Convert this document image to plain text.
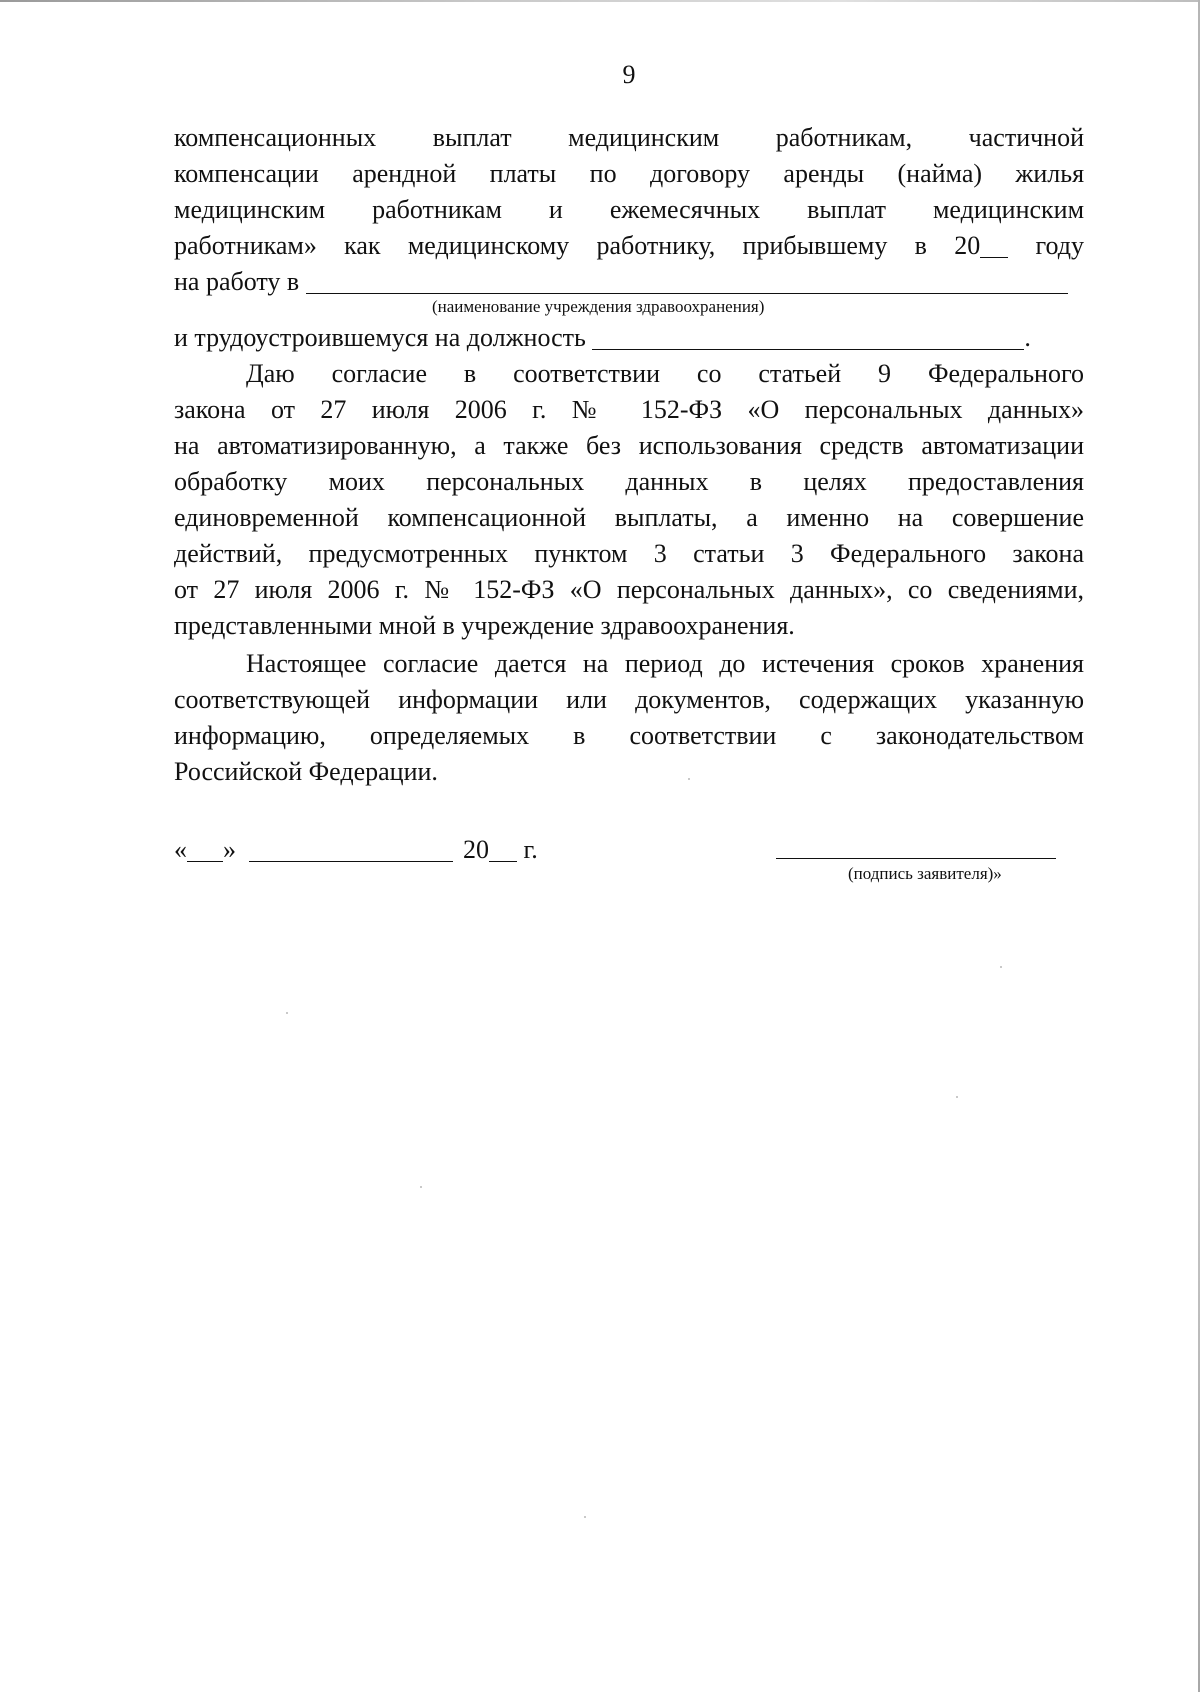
9
компенсационных выплат медицинским работникам, частичной
компенсации арендной платы по договору аренды (найма) жилья
медицинским работникам и ежемесячных выплат медицинским
работникам» как медицинскому работнику, прибывшему в 20 году
на работу в
(наименование учреждения здравоохранения)
и трудоустроившемуся на должность	.
Даю согласие в соответствии со статьей 9 Федерального
закона от 27 июля 2006 г. № 152-ФЗ «О персональных данных»
на автоматизированную, а также без использования средств автоматизации
обработку моих персональных данных в целях предоставления
единовременной компенсационной выплаты, а именно на совершение
действий, предусмотренных пунктом 3 статьи 3 Федерального закона
от 27 июля 2006 г. № 152-ФЗ «О персональных данных», со сведениями,
представленными мной в учреждение здравоохранения.
Настоящее согласие дается на период до истечения сроков хранения
соответствующей информации или документов, содержащих указанную
информацию, определяемых в соответствии с законодательством
Российской Федерации.
« »	20 г.
(подпись заявителя)»
